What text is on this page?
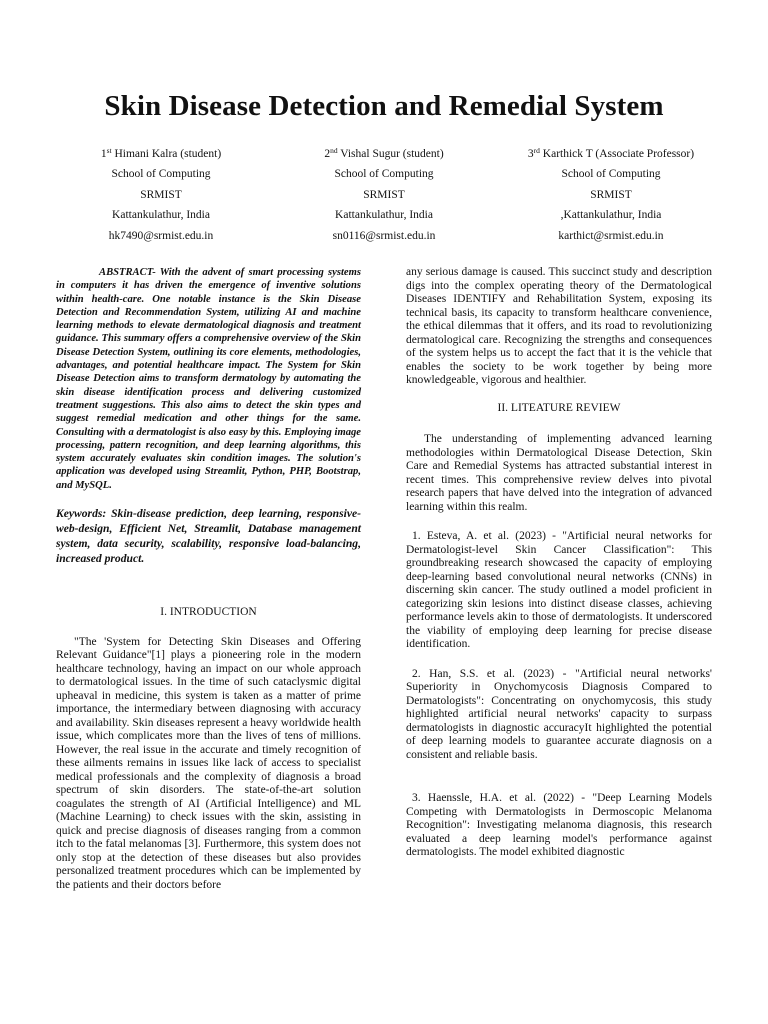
Skin Disease Detection and Remedial System
1st Himani Kalra (student)
School of Computing
SRMIST
Kattankulathur, India
hk7490@srmist.edu.in
2nd Vishal Sugur (student)
School of Computing
SRMIST
Kattankulathur, India
sn0116@srmist.edu.in
3rd Karthick T (Associate Professor)
School of Computing
SRMIST
,Kattankulathur, India
karthict@srmist.edu.in

ABSTRACT- With the advent of smart processing systems in computers it has driven the emergence of inventive solutions within health-care. One notable instance is the Skin Disease Detection and Recommendation System, utilizing AI and machine learning methods to elevate dermatological diagnosis and treatment guidance. This summary offers a comprehensive overview of the Skin Disease Detection System, outlining its core elements, methodologies, advantages, and potential healthcare impact. The System for Skin Disease Detection aims to transform dermatology by automating the skin disease identification process and delivering customized treatment suggestions. This also aims to detect the skin types and suggest remedial medication and other things for the same. Consulting with a dermatologist is also easy by this. Employing image processing, pattern recognition, and deep learning algorithms, this system accurately evaluates skin condition images. The solution's application was developed using Streamlit, Python, PHP, Bootstrap, and MySQL.

Keywords: Skin-disease prediction, deep learning, responsive-web-design, Efficient Net, Streamlit, Database management system, data security, scalability, responsive load-balancing, increased product.

I. INTRODUCTION

"The 'System for Detecting Skin Diseases and Offering Relevant Guidance"[1] plays a pioneering role in the modern healthcare technology, having an impact on our whole approach to dermatological issues. In the time of such cataclysmic digital upheaval in medicine, this system is taken as a matter of prime importance, the intermediary between diagnosing with accuracy and availability. Skin diseases represent a heavy worldwide health issue, which complicates more than the lives of tens of millions. However, the real issue in the accurate and timely recognition of these ailments remains in issues like lack of access to specialist medical professionals and the complexity of diagnosis a broad spectrum of skin disorders. The state-of-the-art solution coagulates the strength of AI (Artificial Intelligence) and ML (Machine Learning) to check issues with the skin, assisting in quick and precise diagnosis of diseases ranging from a common itch to the fatal melanomas [3]. Furthermore, this system does not only stop at the detection of these diseases but also provides personalized treatment procedures which can be implemented by the patients and their doctors before

any serious damage is caused. This succinct study and description digs into the complex operating theory of the Dermatological Diseases IDENTIFY and Rehabilitation System, exposing its technical basis, its capacity to transform healthcare convenience, the ethical dilemmas that it offers, and its road to revolutionizing dermatological care. Recognizing the strengths and consequences of the system helps us to accept the fact that it is the vehicle that enables the society to be work together by being more knowledgeable, vigorous and healthier.

II. LITEATURE REVIEW

The understanding of implementing advanced learning methodologies within Dermatological Disease Detection, Skin Care and Remedial Systems has attracted substantial interest in recent times. This comprehensive review delves into pivotal research papers that have delved into the integration of advanced learning within this realm.

1. Esteva, A. et al. (2023) - "Artificial neural networks for Dermatologist-level Skin Cancer Classification": This groundbreaking research showcased the capacity of employing deep-learning based convolutional neural networks (CNNs) in discerning skin cancer. The study outlined a model proficient in categorizing skin lesions into distinct disease classes, achieving performance levels akin to those of dermatologists. It underscored the viability of employing deep learning for precise disease identification.

2. Han, S.S. et al. (2023) - "Artificial neural networks' Superiority in Onychomycosis Diagnosis Compared to Dermatologists": Concentrating on onychomycosis, this study highlighted artificial neural networks' capacity to surpass dermatologists in diagnostic accuracyIt highlighted the potential of deep learning models to guarantee accurate diagnosis on a consistent and reliable basis.

3. Haenssle, H.A. et al. (2022) - "Deep Learning Models Competing with Dermatologists in Dermoscopic Melanoma Recognition": Investigating melanoma diagnosis, this research evaluated a deep learning model's performance against dermatologists. The model exhibited diagnostic
